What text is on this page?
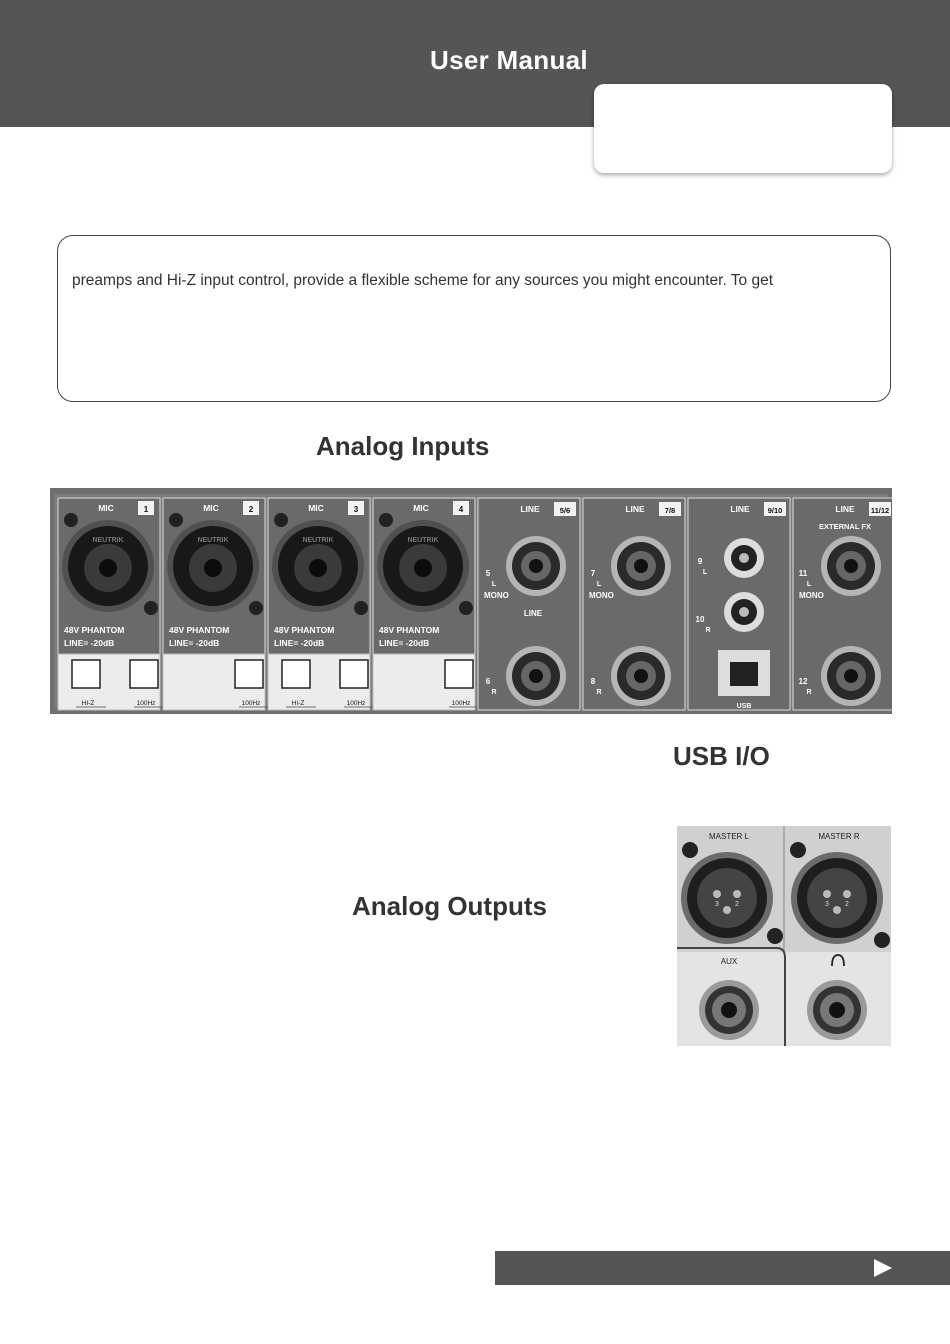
User Manual
preamps and Hi-Z input control, provide a flexible scheme for any sources you might encounter. To get
Analog Inputs
MIC	1
NEUTRIK
48V PHANTOM
LINE= -20dB
HI-Z	100Hz
MIC	2
NEUTRIK
48V PHANTOM
LINE= -20dB
100Hz
MIC	3
NEUTRIK
48V PHANTOM
LINE= -20dB
HI-Z	100Hz
MIC	4
NEUTRIK
48V PHANTOM
LINE= -20dB
100Hz
LINE	5/6
5
L
MONO
LINE
6
R
LINE	7/8
7
L
MONO
8
R
LINE 9/10
9
L
10
R
USB
LINE 11/12
EXTERNAL FX
11
L
MONO
12
R
USB I/O
Analog Outputs
MASTER L	MASTER R
3 2	3 2
AUX
